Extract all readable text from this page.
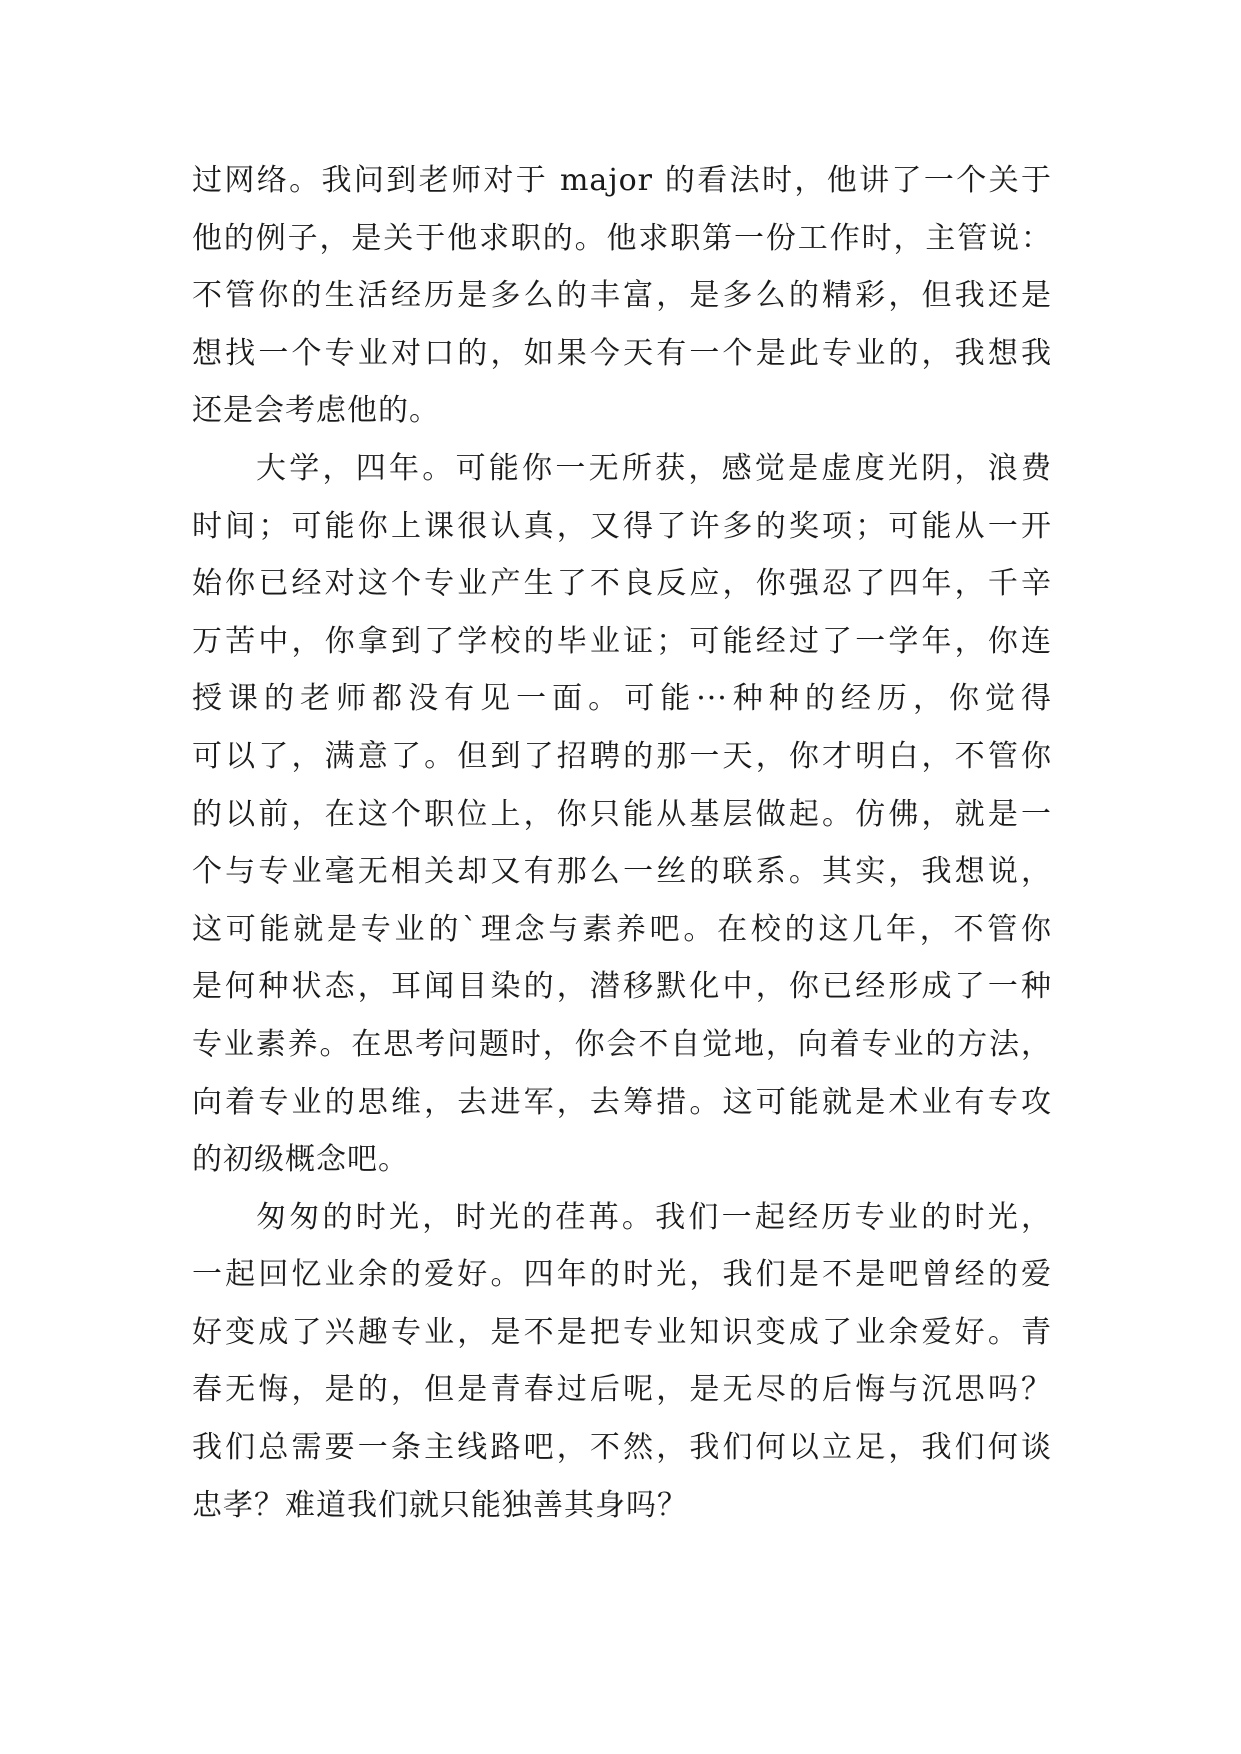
过网络。我问到老师对于 major 的看法时，他讲了一个关于
他的例子，是关于他求职的。他求职第一份工作时，主管说：
不管你的生活经历是多么的丰富，是多么的精彩，但我还是
想找一个专业对口的，如果今天有一个是此专业的，我想我
还是会考虑他的。
大学，四年。可能你一无所获，感觉是虚度光阴，浪费
时间；可能你上课很认真，又得了许多的奖项；可能从一开
始你已经对这个专业产生了不良反应，你强忍了四年，千辛
万苦中，你拿到了学校的毕业证；可能经过了一学年，你连
授课的老师都没有见一面。可能···种种的经历，你觉得
可以了，满意了。但到了招聘的那一天，你才明白，不管你
的以前，在这个职位上，你只能从基层做起。仿佛，就是一
个与专业毫无相关却又有那么一丝的联系。其实，我想说，
这可能就是专业的`理念与素养吧。在校的这几年，不管你
是何种状态，耳闻目染的，潜移默化中，你已经形成了一种
专业素养。在思考问题时，你会不自觉地，向着专业的方法，
向着专业的思维，去进军，去筹措。这可能就是术业有专攻
的初级概念吧。
匆匆的时光，时光的荏苒。我们一起经历专业的时光，
一起回忆业余的爱好。四年的时光，我们是不是吧曾经的爱
好变成了兴趣专业，是不是把专业知识变成了业余爱好。青
春无悔，是的，但是青春过后呢，是无尽的后悔与沉思吗？
我们总需要一条主线路吧，不然，我们何以立足，我们何谈
忠孝？难道我们就只能独善其身吗？
